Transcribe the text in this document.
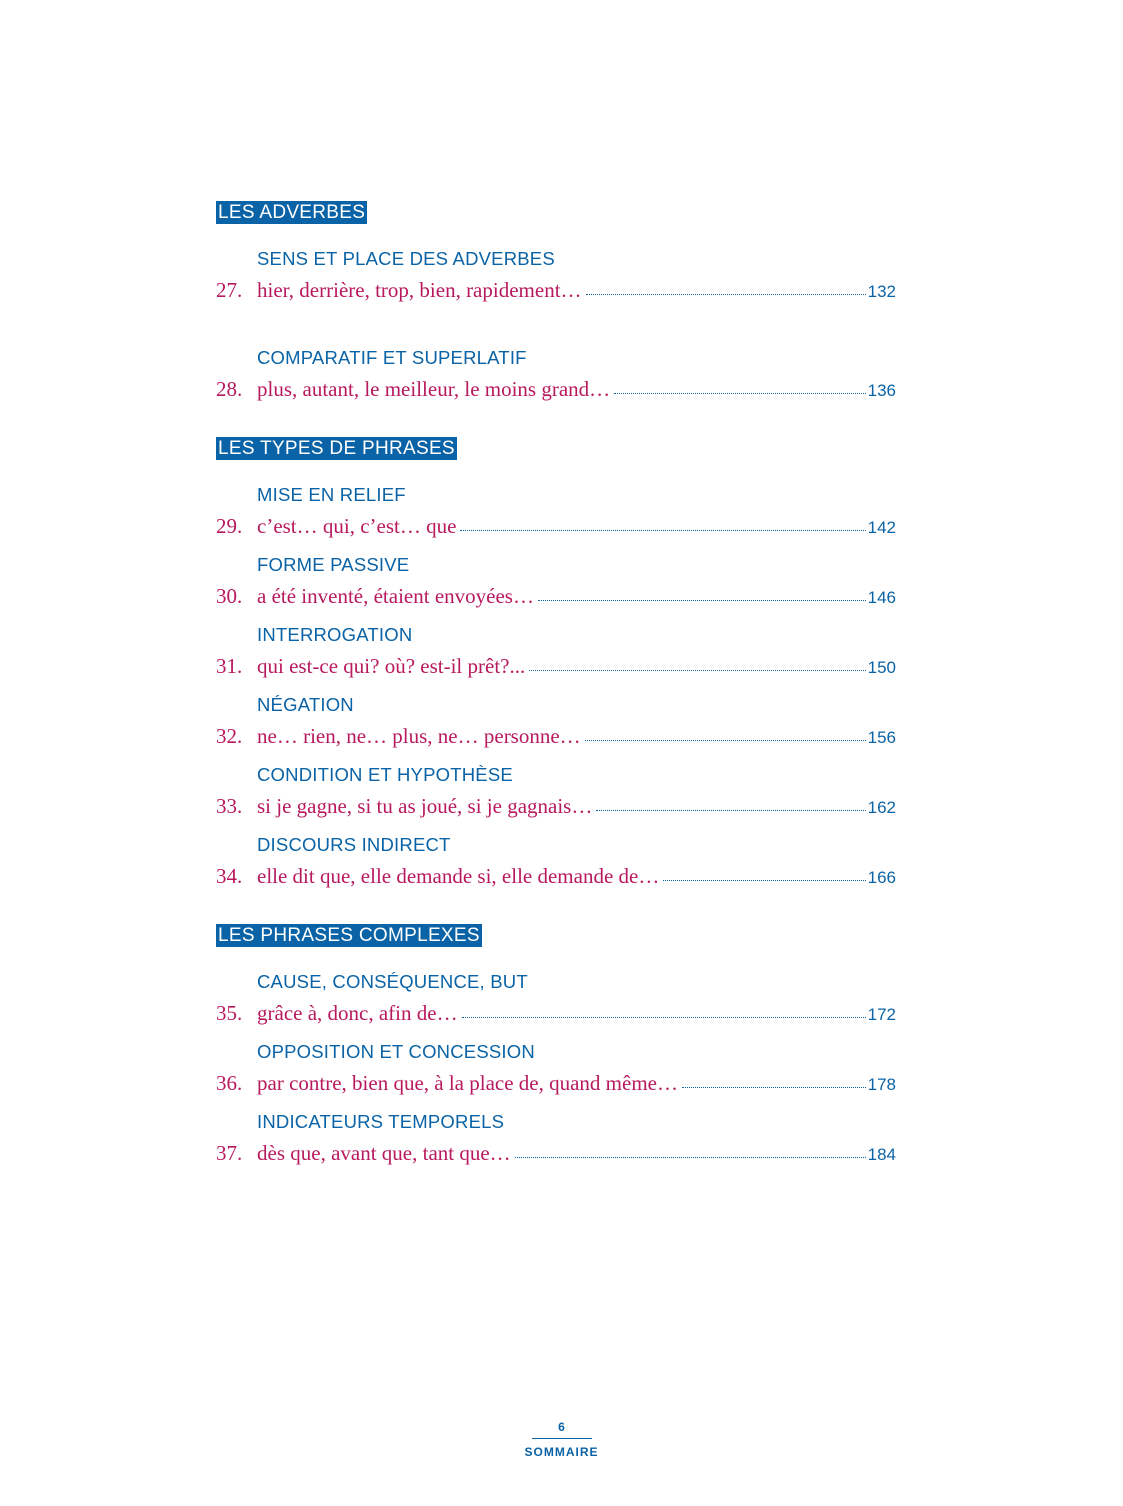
LES ADVERBES
SENS ET PLACE DES ADVERBES
27. hier, derrière, trop, bien, rapidement…	132
COMPARATIF ET SUPERLATIF
28. plus, autant, le meilleur, le moins grand…	136
LES TYPES DE PHRASES
MISE EN RELIEF
29. c’est… qui, c’est… que	142
FORME PASSIVE
30. a été inventé, étaient envoyées…	146
INTERROGATION
31. qui est-ce qui? où? est-il prêt?...	150
NÉGATION
32. ne… rien, ne… plus, ne… personne…	156
CONDITION ET HYPOTHÈSE
33. si je gagne, si tu as joué, si je gagnais…	162
DISCOURS INDIRECT
34. elle dit que, elle demande si, elle demande de…	166
LES PHRASES COMPLEXES
CAUSE, CONSÉQUENCE, BUT
35. grâce à, donc, afin de…	172
OPPOSITION ET CONCESSION
36. par contre, bien que, à la place de, quand même…	178
INDICATEURS TEMPORELS
37. dès que, avant que, tant que…	184
6
SOMMAIRE
